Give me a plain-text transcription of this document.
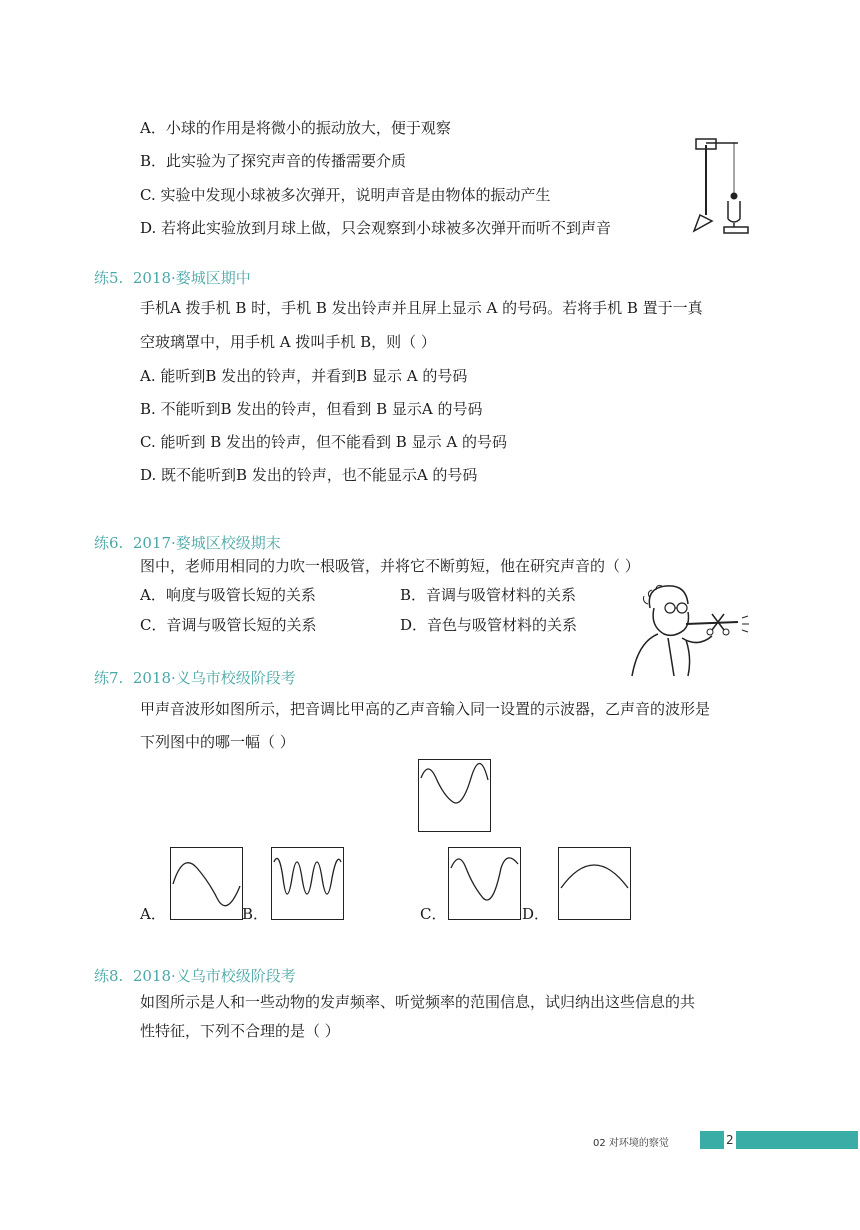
A．小球的作用是将微小的振动放大，便于观察
B．此实验为了探究声音的传播需要介质
C. 实验中发现小球被多次弹开，说明声音是由物体的振动产生
D. 若将此实验放到月球上做，只会观察到小球被多次弹开而听不到声音
练5. 2018·婺城区期中
手机A 拨手机 B 时，手机 B 发出铃声并且屏上显示 A 的号码。若将手机 B 置于一真
空玻璃罩中，用手机 A 拨叫手机 B，则（ ）
A. 能听到B 发出的铃声，并看到B 显示 A 的号码
B. 不能听到B 发出的铃声，但看到 B 显示A 的号码
C. 能听到 B 发出的铃声，但不能看到 B 显示 A 的号码
D. 既不能听到B 发出的铃声，也不能显示A 的号码
练6. 2017·婺城区校级期末
图中，老师用相同的力吹一根吸管，并将它不断剪短，他在研究声音的（ ）
A．响度与吸管长短的关系	B．音调与吸管材料的关系
C．音调与吸管长短的关系	D．音色与吸管材料的关系
练7. 2018·义乌市校级阶段考
甲声音波形如图所示，把音调比甲高的乙声音输入同一设置的示波器，乙声音的波形是
下列图中的哪一幅（ ）
A．	B．	C．	D．
练8. 2018·义乌市校级阶段考
如图所示是人和一些动物的发声频率、听觉频率的范围信息，试归纳出这些信息的共
性特征，下列不合理的是（ ）
02 对环境的察觉	2
